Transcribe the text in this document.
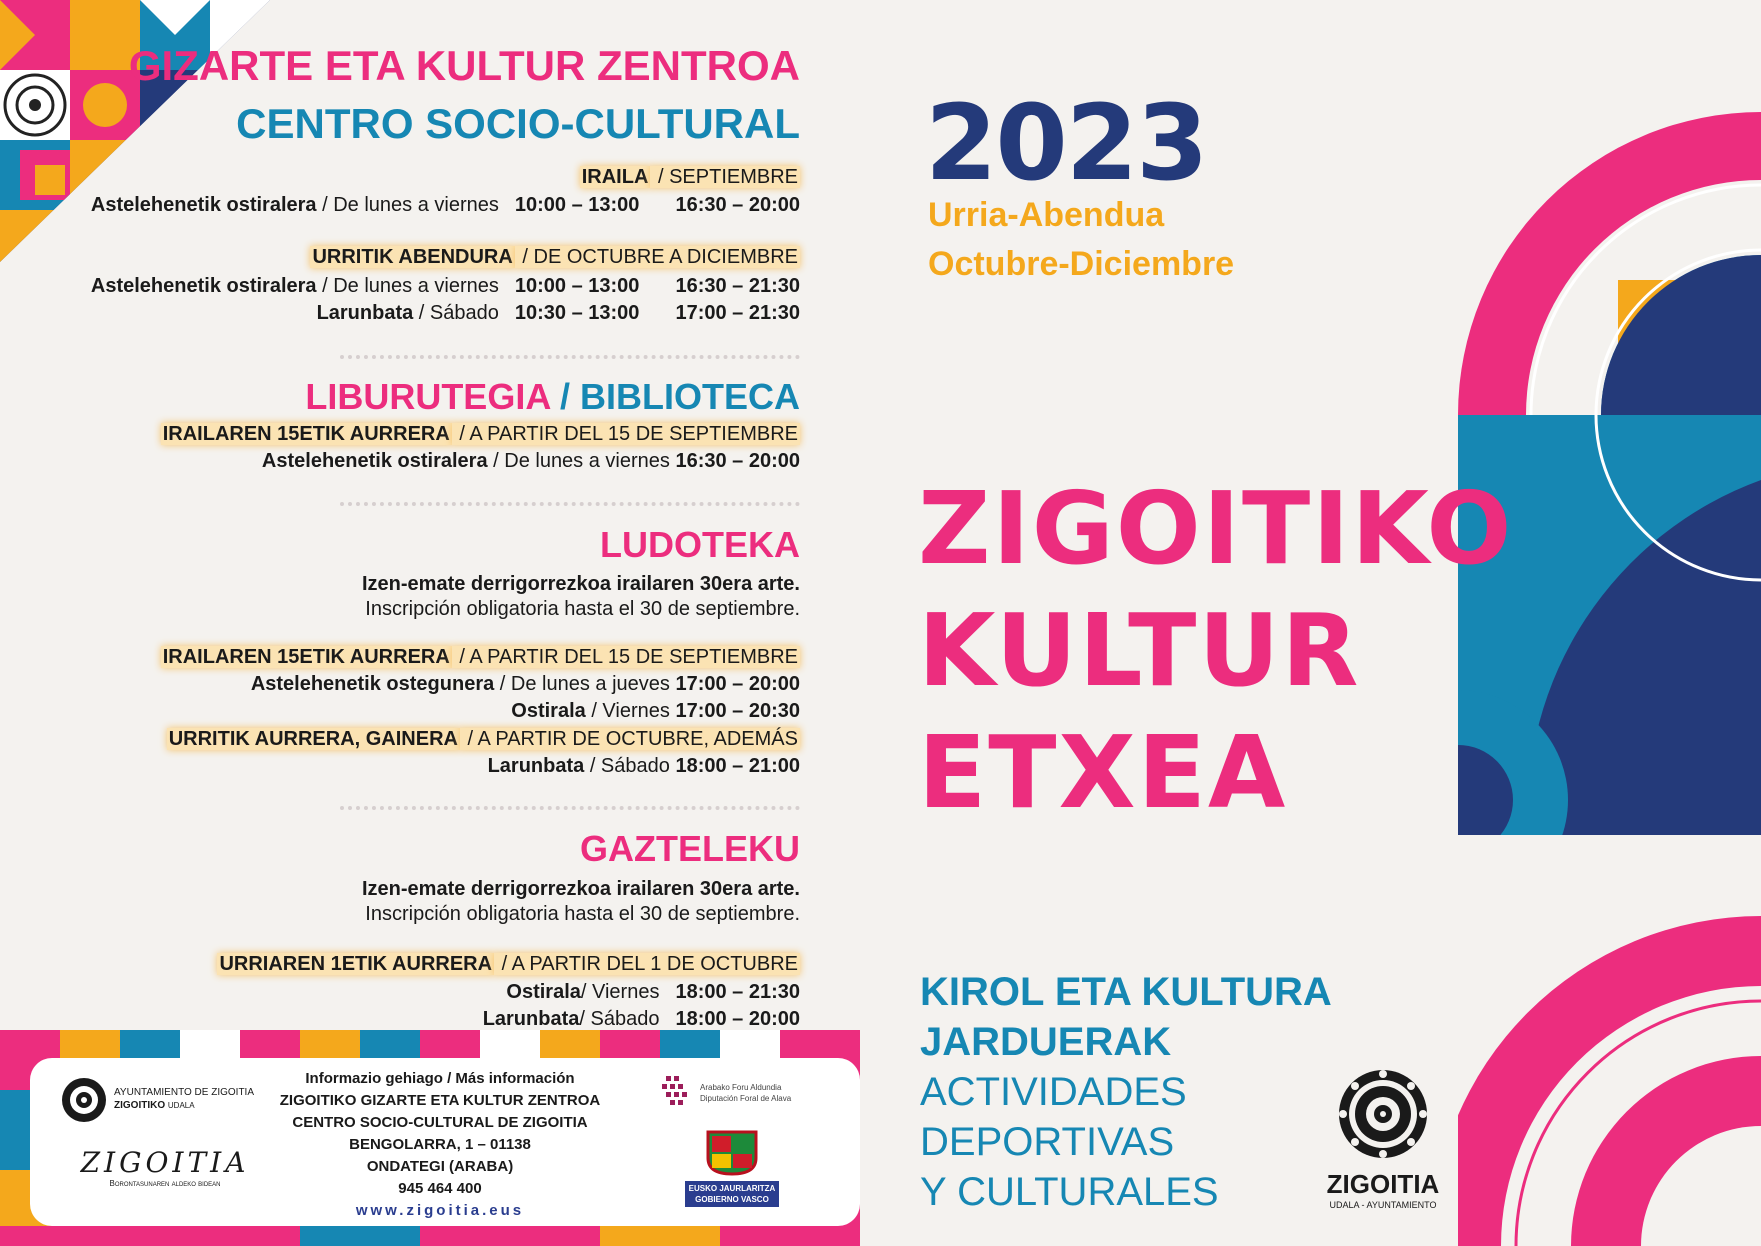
GIZARTE ETA KULTUR ZENTROA
CENTRO SOCIO-CULTURAL
IRAILA / SEPTIEMBRE
Astelehenetik ostiralera / De lunes a viernes 10:00 – 13:00 16:30 – 20:00
URRITIK ABENDURA / DE OCTUBRE A DICIEMBRE
Astelehenetik ostiralera / De lunes a viernes 10:00 – 13:00 16:30 – 21:30
Larunbata / Sábado 10:30 – 13:00 17:00 – 21:30
LIBURUTEGIA / BIBLIOTECA
IRAILAREN 15ETIK AURRERA / A PARTIR DEL 15 DE SEPTIEMBRE
Astelehenetik ostiralera / De lunes a viernes 16:30 – 20:00
LUDOTEKA
Izen-emate derrigorrezkoa irailaren 30era arte.
Inscripción obligatoria hasta el 30 de septiembre.
IRAILAREN 15ETIK AURRERA / A PARTIR DEL 15 DE SEPTIEMBRE
Astelehenetik ostegunera / De lunes a jueves 17:00 – 20:00
Ostirala / Viernes 17:00 – 20:30
URRITIK AURRERA, GAINERA / A PARTIR DE OCTUBRE, ADEMÁS
Larunbata / Sábado 18:00 – 21:00
GAZTELEKU
Izen-emate derrigorrezkoa irailaren 30era arte.
Inscripción obligatoria hasta el 30 de septiembre.
URRIAREN 1ETIK AURRERA / A PARTIR DEL 1 DE OCTUBRE
Ostirala/ Viernes 18:00 – 21:30
Larunbata/ Sábado 18:00 – 20:00
AYUNTAMIENTO DE ZIGOITIA
ZIGOITIKO UDALA
ZIGOITIA
Borontasunaren aldeko bidean
Informazio gehiago / Más información
ZIGOITIKO GIZARTE ETA KULTUR ZENTROA
CENTRO SOCIO-CULTURAL DE ZIGOITIA
BENGOLARRA, 1 – 01138
ONDATEGI (ARABA)
945 464 400
www.zigoitia.eus
Arabako Foru Aldundia
Diputación Foral de Alava
EUSKO JAURLARITZA
GOBIERNO VASCO
2023
Urria-Abendua
Octubre-Diciembre
ZIGOITIKO
KULTUR
ETXEA
KIROL ETA KULTURA
JARDUERAK
ACTIVIDADES
DEPORTIVAS
Y CULTURALES	ZIGOITIA
UDALA - AYUNTAMIENTO
